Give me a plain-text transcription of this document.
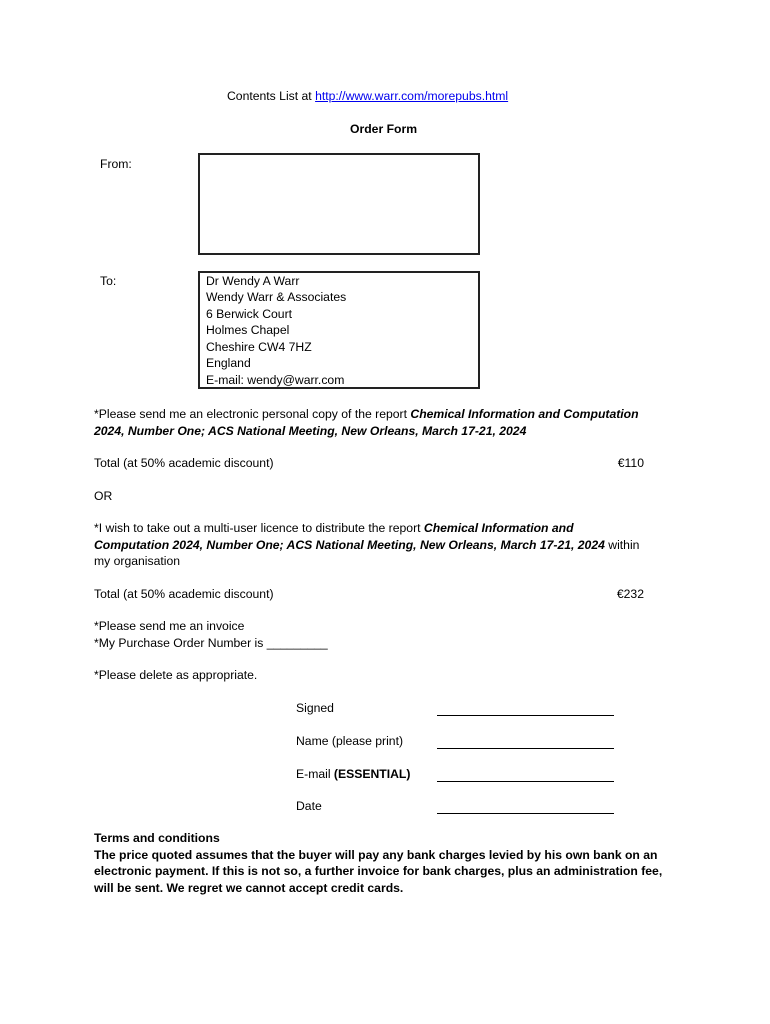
Contents List at http://www.warr.com/morepubs.html
Order Form
From:
To:	Dr Wendy A Warr
Wendy Warr & Associates
6 Berwick Court
Holmes Chapel
Cheshire CW4 7HZ
England
E-mail: wendy@warr.com
*Please send me an electronic personal copy of the report Chemical Information and Computation
2024, Number One; ACS National Meeting, New Orleans, March 17-21, 2024
Total (at 50% academic discount)	€110
OR
*I wish to take out a multi-user licence to distribute the report Chemical Information and
Computation 2024, Number One; ACS National Meeting, New Orleans, March 17-21, 2024 within
my organisation
Total (at 50% academic discount)	€232
*Please send me an invoice
*My Purchase Order Number is _________
*Please delete as appropriate.
Signed
Name (please print)
E-mail (ESSENTIAL)
Date
Terms and conditions
The price quoted assumes that the buyer will pay any bank charges levied by his own bank on an
electronic payment. If this is not so, a further invoice for bank charges, plus an administration fee,
will be sent. We regret we cannot accept credit cards.
